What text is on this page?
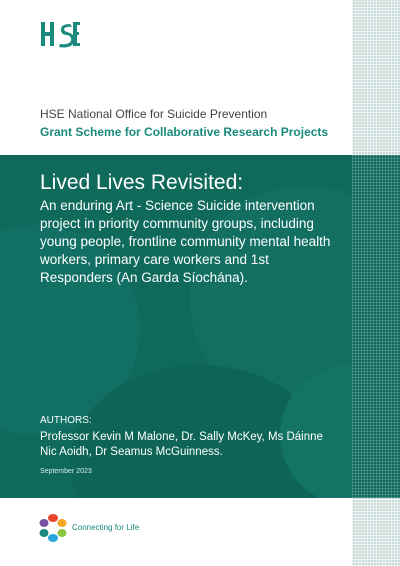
HSE National Office for Suicide Prevention
Grant Scheme for Collaborative Research Projects
Lived Lives Revisited:
An enduring Art - Science Suicide intervention project in priority community groups, including young people, frontline community mental health workers, primary care workers and 1st Responders (An Garda Síochána).
AUTHORS:
Professor Kevin M Malone, Dr. Sally McKey, Ms Dáinne Nic Aoidh, Dr Seamus McGuinness.
September 2023
Connecting for Life
